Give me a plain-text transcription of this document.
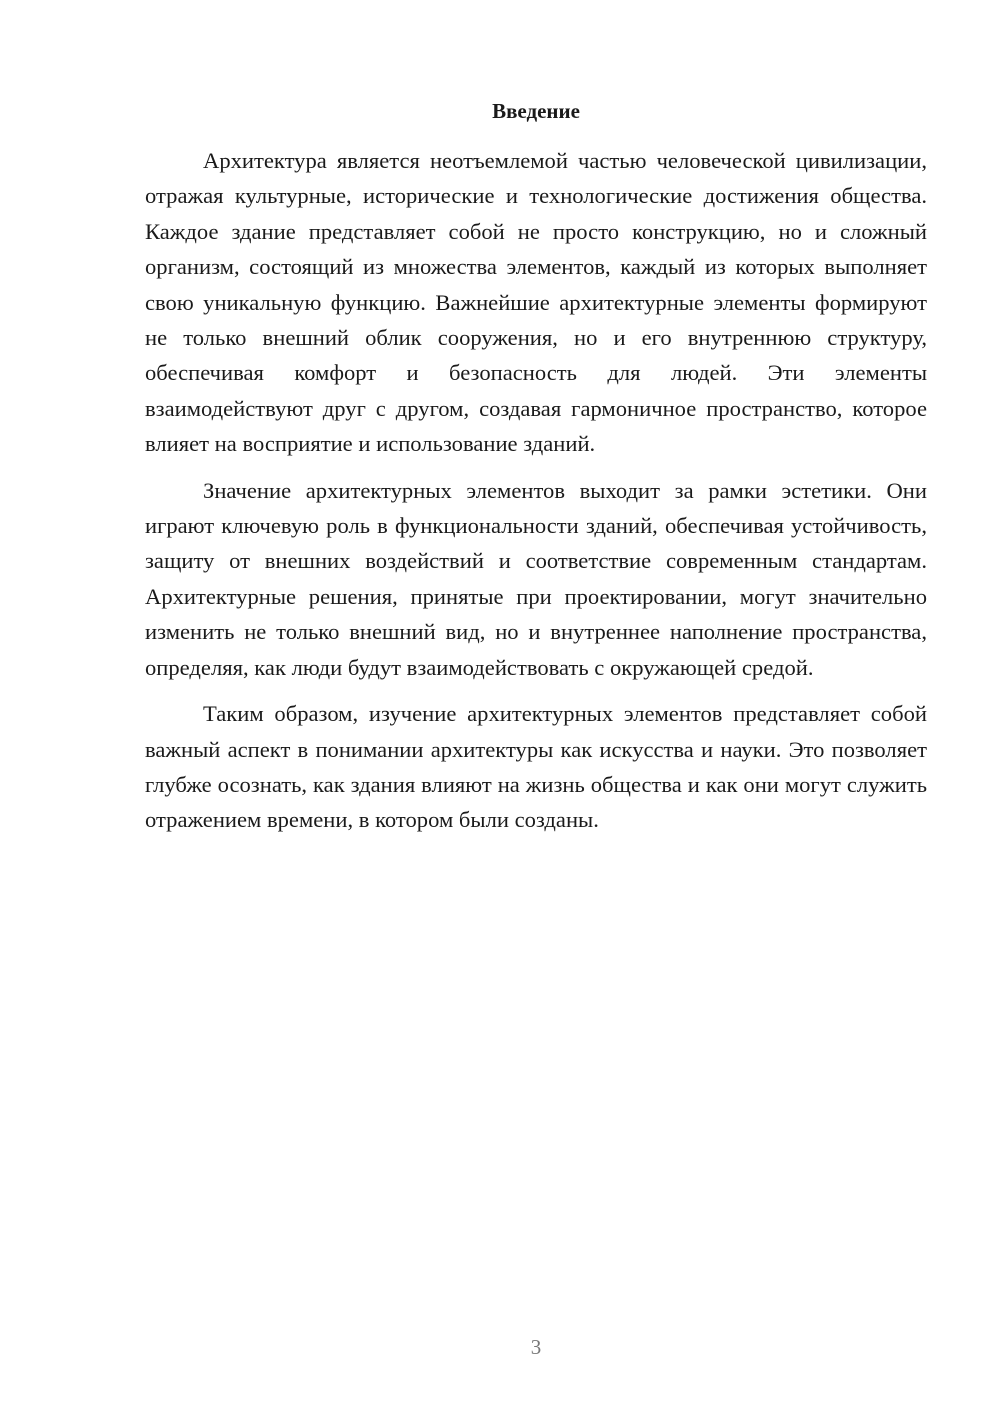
Введение

Архитектура является неотъемлемой частью человеческой цивилизации, отражая культурные, исторические и технологические достижения общества. Каждое здание представляет собой не просто конструкцию, но и сложный организм, состоящий из множества элементов, каждый из которых выполняет свою уникальную функцию. Важнейшие архитектурные элементы формируют не только внешний облик сооружения, но и его внутреннюю структуру, обеспечивая комфорт и безопасность для людей. Эти элементы взаимодействуют друг с другом, создавая гармоничное пространство, которое влияет на восприятие и использование зданий.

Значение архитектурных элементов выходит за рамки эстетики. Они играют ключевую роль в функциональности зданий, обеспечивая устойчивость, защиту от внешних воздействий и соответствие современным стандартам. Архитектурные решения, принятые при проектировании, могут значительно изменить не только внешний вид, но и внутреннее наполнение пространства, определяя, как люди будут взаимодействовать с окружающей средой.

Таким образом, изучение архитектурных элементов представляет собой важный аспект в понимании архитектуры как искусства и науки. Это позволяет глубже осознать, как здания влияют на жизнь общества и как они могут служить отражением времени, в котором были созданы.

3
